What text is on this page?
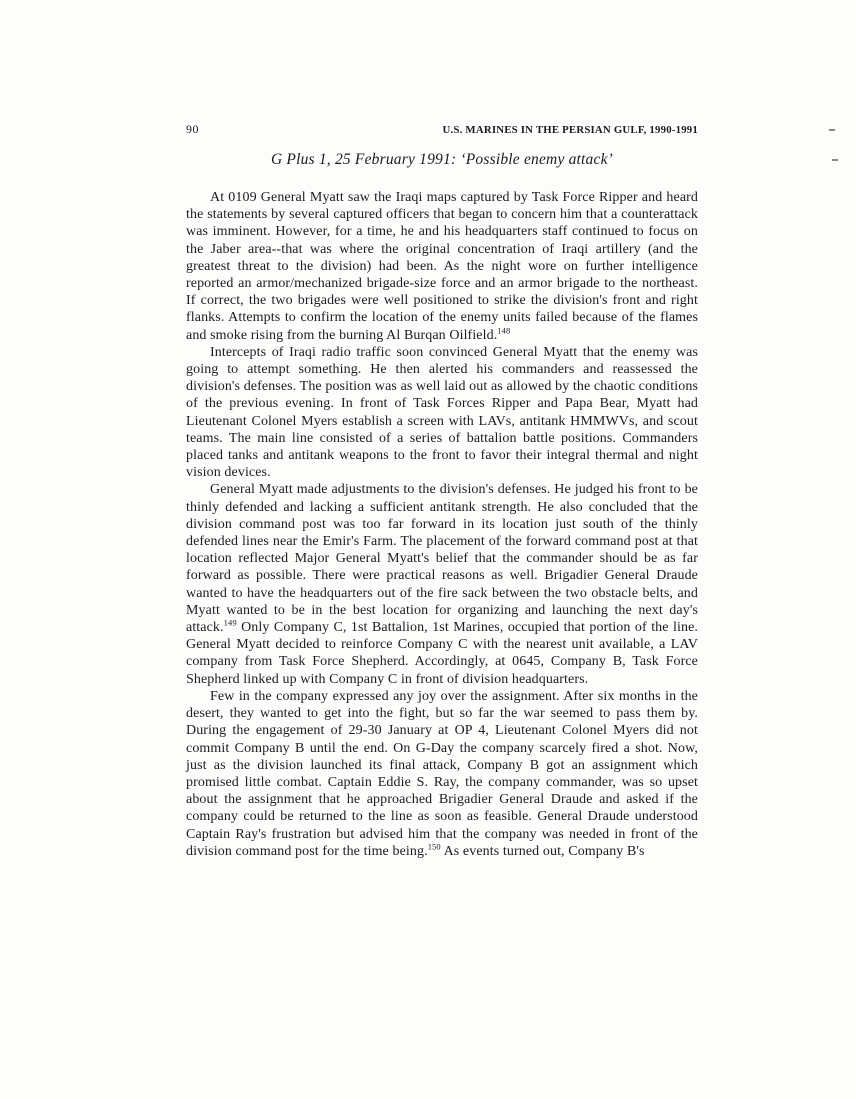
90	U.S. MARINES IN THE PERSIAN GULF, 1990-1991
G Plus 1, 25 February 1991: ‘Possible enemy attack’

At 0109 General Myatt saw the Iraqi maps captured by Task Force Ripper and heard the statements by several captured officers that began to concern him that a counterattack was imminent. However, for a time, he and his headquarters staff continued to focus on the Jaber area--that was where the original concentration of Iraqi artillery (and the greatest threat to the division) had been. As the night wore on further intelligence reported an armor/mechanized brigade-size force and an armor brigade to the northeast. If correct, the two brigades were well positioned to strike the division's front and right flanks. Attempts to confirm the location of the enemy units failed because of the flames and smoke rising from the burning Al Burqan Oilfield.$^{148}$

Intercepts of Iraqi radio traffic soon convinced General Myatt that the enemy was going to attempt something. He then alerted his commanders and reassessed the division's defenses. The position was as well laid out as allowed by the chaotic conditions of the previous evening. In front of Task Forces Ripper and Papa Bear, Myatt had Lieutenant Colonel Myers establish a screen with LAVs, antitank HMMWVs, and scout teams. The main line consisted of a series of battalion battle positions. Commanders placed tanks and antitank weapons to the front to favor their integral thermal and night vision devices.

General Myatt made adjustments to the division's defenses. He judged his front to be thinly defended and lacking a sufficient antitank strength. He also concluded that the division command post was too far forward in its location just south of the thinly defended lines near the Emir's Farm. The placement of the forward command post at that location reflected Major General Myatt's belief that the commander should be as far forward as possible. There were practical reasons as well. Brigadier General Draude wanted to have the headquarters out of the fire sack between the two obstacle belts, and Myatt wanted to be in the best location for organizing and launching the next day's attack.$^{149}$ Only Company C, 1st Battalion, 1st Marines, occupied that portion of the line. General Myatt decided to reinforce Company C with the nearest unit available, a LAV company from Task Force Shepherd. Accordingly, at 0645, Company B, Task Force Shepherd linked up with Company C in front of division headquarters.

Few in the company expressed any joy over the assignment. After six months in the desert, they wanted to get into the fight, but so far the war seemed to pass them by. During the engagement of 29-30 January at OP 4, Lieutenant Colonel Myers did not commit Company B until the end. On G-Day the company scarcely fired a shot. Now, just as the division launched its final attack, Company B got an assignment which promised little combat. Captain Eddie S. Ray, the company commander, was so upset about the assignment that he approached Brigadier General Draude and asked if the company could be returned to the line as soon as feasible. General Draude understood Captain Ray's frustration but advised him that the company was needed in front of the division command post for the time being.$^{150}$ As events turned out, Company B's
